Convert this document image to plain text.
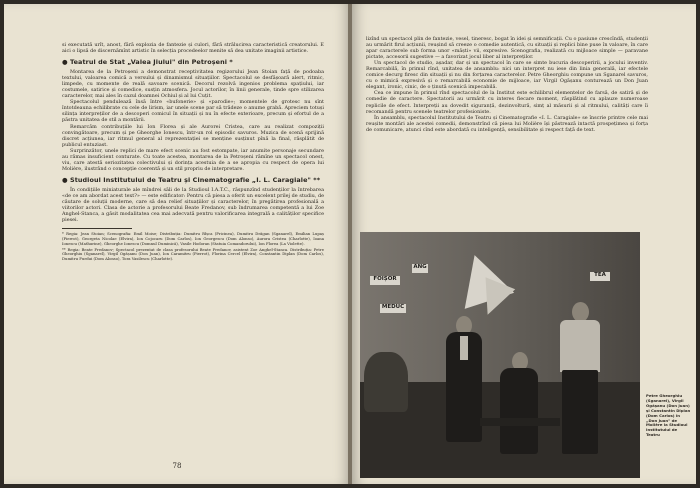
si executată urît, anost, fără explozia de fantezie și culori, fără strălucirea caracteristică creatorului. E aici o lipsă de discernămînt artistic în selecția procedeelor menite să dea unitate imaginii artistice.

● Teatrul de Stat „Valea Jiului" din Petroșeni *

Montarea de la Petroșeni a demonstrat receptivitatea regizorului Jean Stoian față de podoaba textului, valoarea comică a versului și dinamismul situațiilor. Spectacolul se desfășoară alert, ritmic, limpede, cu momente de reală savoare scenică. Decorul rezolvă ingenios problema spațiului, iar costumele, satirice și comedice, susțin atmosfera. Jocul actorilor, în linii generale, tinde spre stilizarea caracterelor, mai ales în cazul doamnei Ochiul și al lui Cuțit.

Spectacolul pendulează însă între «bufonerie» și «parodie»; momentele de grotesc nu sînt întotdeauna echilibrate cu cele de lirism, iar unele scene par să trădeze o anume grabă. Apreciem totuși silința interpreților de a descoperi comicul în situații și nu în efecte exterioare, precum și efortul de a păstra unitatea de stil a montării.

Remarcăm contribuțiile lui Ion Florea și ale Aurorei Cristea, care au realizat compoziții convingătoare, precum și pe Gheorghe Ionescu, într-un rol episodic savuros. Muzica de scenă sprijină discret acțiunea, iar ritmul general al reprezentației se menține susținut pînă la final, răsplătit de publicul entuziast.

Surprinzător, unele replici de mare efect scenic au fost estompate, iar anumite personaje secundare au rămas insuficient conturate. Cu toate acestea, montarea de la Petroșeni rămîne un spectacol onest, viu, care atestă seriozitatea colectivului și dorința acestuia de a se apropia cu respect de opera lui Molière, ilustrând o concepție coerentă și un stil propriu de interpretare.

● Studioul Institutului de Teatru și Cinematografie „I. L. Caragiale" **

În condițiile miniaturale ale mîndrei săli de la Studioul I.A.T.C., răspunzînd studenților la întrebarea «de ce am abordat acest text?» — este edificator: Pentru că piesa a oferit un excelent prilej de studiu, de căutare de soluții moderne, care să dea relief situațiilor și caracterelor, în pregătirea profesională a viitorilor actori. Clasa de actorie a profesorului Beate Fredanov, sub îndrumarea competentă a lui Zoe Anghel-Stanca, a găsit modalitatea cea mai adecvată pentru valorificarea integrală a calităților specifice piesei.

* Regia: Jean Stoian; Scenografia: Emil Moise; Distribuția: Dumitru Rîșca (Pricinea), Dumitru Drăgan (Sganarel), Emilian Lupaș (Pierrot), Georgeta Nicolae (Elvira), Ion Cojocaru (Dom Carlos), Ion Georgescu (Dom Alonso), Aurora Cristea (Charlotte), Ioana Ionescu (Mathurine), Gheorghe Ionescu (Domnul Duminică), Vasile Hodoran (Statuia Comandorului), Ion Florea (La Violette).

** Regia: Beate Fredanov; Spectacol prezentat de clasa profesorului Beate Fredanov, asistent Zoe Anghel-Stanca. Distribuția: Petre Gheorghiu (Sganarel), Virgil Ogășanu (Don Juan), Ion Caramitru (Pierrot), Florina Cercel (Elvira), Constantin Diplan (Dom Carlos), Dumitru Furdui (Dom Alonso), Tora Vasilescu (Charlotte).

78

lizînd un spectacol plin de fantezie, vesel, tineresc, bogat în idei și semnificații. Cu o pasiune crescîndă, studenții au urmărit firul acțiunii, reușind să creeze o comedie autentică, cu situații și replici bine puse în valoare, în care apar caracterele sub forma unor «măști» vii, expresive. Scenografia, realizată cu mijloace simple — paravane pictate, accesorii sugestive — a favorizat jocul liber al interpreților.

Un spectacol de studio, așadar, dar și un spectacol în care se simte bucuria descoperirii, a jocului inventiv. Remarcabilă, în primul rînd, unitatea de ansamblu: nici un interpret nu iese din linia generală, iar efectele comice decurg firesc din situații și nu din forțarea caracterelor. Petre Gheorghiu compune un Sganarel savuros, cu o mimică expresivă și o remarcabilă economie de mijloace, iar Virgil Ogășanu conturează un Don Juan elegant, ironic, cinic, de o ținută scenică impecabilă.

Cea ce impune în primul rînd spectacolul de la Institut este echilibrul elementelor de farsă, de satiră și de comedie de caractere. Spectatorii au urmărit cu interes fiecare moment, răsplătind cu aplauze numeroase replicile de efect. Interpreții au dovedit siguranță, dezinvoltură, simț al măsurii și al ritmului, calități care îi recomandă pentru scenele teatrelor profesioniste.

În ansamblu, spectacolul Institutului de Teatru și Cinematografie «I. L. Caragiale» se înscrie printre cele mai reușite montări ale acestei comedii, demonstrînd că piesa lui Molière își păstrează intactă prospețimea și forța de comunicare, atunci cînd este abordată cu inteligență, sensibilitate și respect față de text.

FOIȘOR
MEDUC
ANG
TEA
Petre Gheorghiu (Sganarel), Virgil Ogășanu (Don Juan) și Constantin Diplan (Dom Carlos) în „Don Juan" de Molière la Studioul Institutului de Teatru
